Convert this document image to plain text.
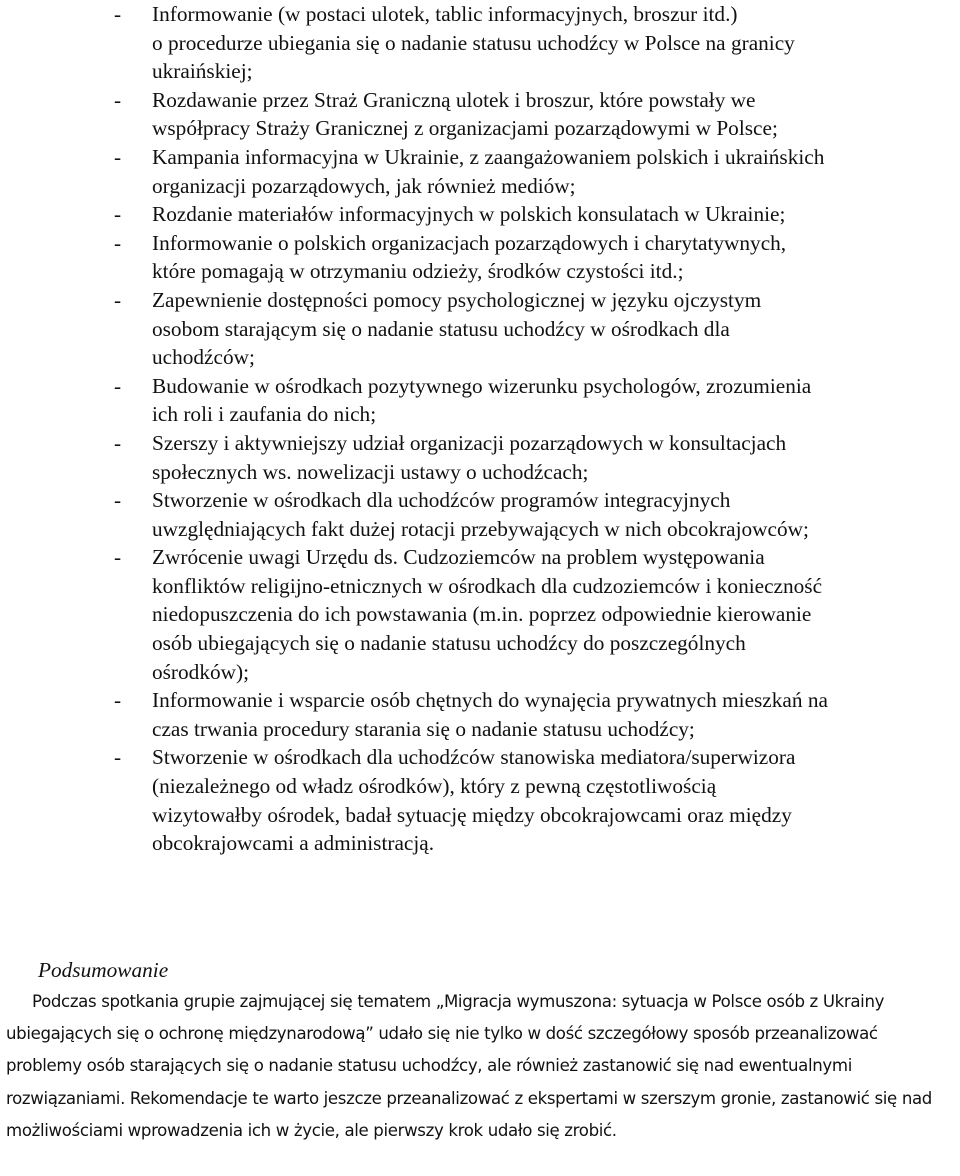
- Informowanie (w postaci ulotek, tablic informacyjnych, broszur itd.)
o procedurze ubiegania się o nadanie statusu uchodźcy w Polsce na granicy
ukraińskiej;
- Rozdawanie przez Straż Graniczną ulotek i broszur, które powstały we
współpracy Straży Granicznej z organizacjami pozarządowymi w Polsce;
- Kampania informacyjna w Ukrainie, z zaangażowaniem polskich i ukraińskich
organizacji pozarządowych, jak również mediów;
- Rozdanie materiałów informacyjnych w polskich konsulatach w Ukrainie;
- Informowanie o polskich organizacjach pozarządowych i charytatywnych,
które pomagają w otrzymaniu odzieży, środków czystości itd.;
- Zapewnienie dostępności pomocy psychologicznej w języku ojczystym
osobom starającym się o nadanie statusu uchodźcy w ośrodkach dla
uchodźców;
- Budowanie w ośrodkach pozytywnego wizerunku psychologów, zrozumienia
ich roli i zaufania do nich;
- Szerszy i aktywniejszy udział organizacji pozarządowych w konsultacjach
społecznych ws. nowelizacji ustawy o uchodźcach;
- Stworzenie w ośrodkach dla uchodźców programów integracyjnych
uwzględniających fakt dużej rotacji przebywających w nich obcokrajowców;
- Zwrócenie uwagi Urzędu ds. Cudzoziemców na problem występowania
konfliktów religijno-etnicznych w ośrodkach dla cudzoziemców i konieczność
niedopuszczenia do ich powstawania (m.in. poprzez odpowiednie kierowanie
osób ubiegających się o nadanie statusu uchodźcy do poszczególnych
ośrodków);
- Informowanie i wsparcie osób chętnych do wynajęcia prywatnych mieszkań na
czas trwania procedury starania się o nadanie statusu uchodźcy;
- Stworzenie w ośrodkach dla uchodźców stanowiska mediatora/superwizora
(niezależnego od władz ośrodków), który z pewną częstotliwością
wizytowałby ośrodek, badał sytuację między obcokrajowcami oraz między
obcokrajowcami a administracją.
Podsumowanie

Podczas spotkania grupie zajmującej się tematem „Migracja wymuszona: sytuacja w Polsce osób z Ukrainy ubiegających się o ochronę międzynarodową” udało się nie tylko w dość szczegółowy sposób przeanalizować problemy osób starających się o nadanie statusu uchodźcy, ale również zastanowić się nad ewentualnymi rozwiązaniami. Rekomendacje te warto jeszcze przeanalizować z ekspertami w szerszym gronie, zastanowić się nad możliwościami wprowadzenia ich w życie, ale pierwszy krok udało się zrobić.
